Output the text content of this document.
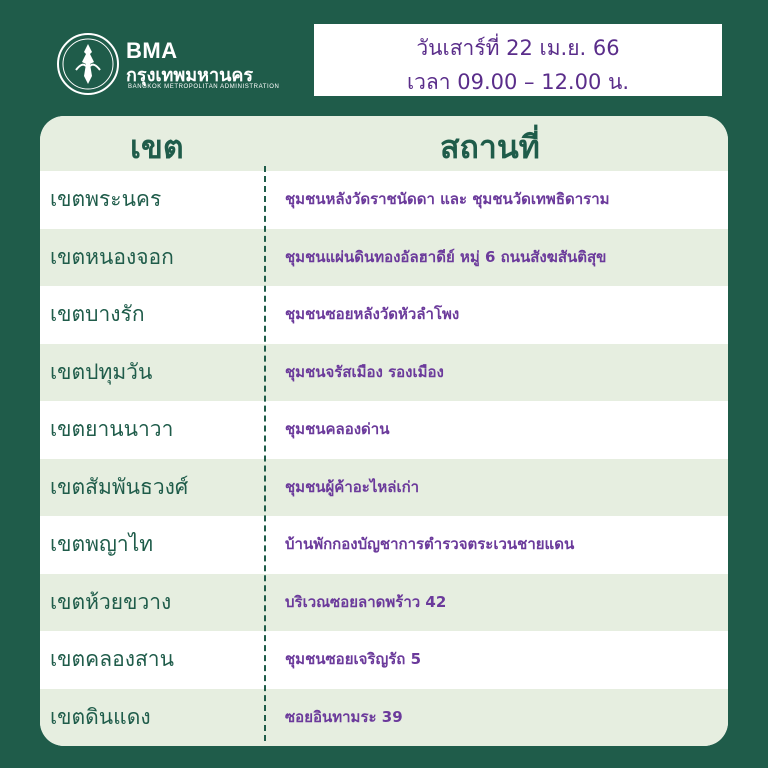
BMA
กรุงเทพมหานคร
BANGKOK METROPOLITAN ADMINISTRATION
วันเสาร์ที่ 22 เม.ย. 66
เวลา 09.00 – 12.00 น.
เขต	สถานที่
เขตพระนคร	ชุมชนหลังวัดราชนัดดา และ ชุมชนวัดเทพธิดาราม
เขตหนองจอก	ชุมชนแผ่นดินทองอัลฮาดีย์ หมู่ 6 ถนนสังฆสันติสุข
เขตบางรัก	ชุมชนซอยหลังวัดหัวลำโพง
เขตปทุมวัน	ชุมชนจรัสเมือง รองเมือง
เขตยานนาวา	ชุมชนคลองด่าน
เขตสัมพันธวงศ์	ชุมชนผู้ค้าอะไหล่เก่า
เขตพญาไท	บ้านพักกองบัญชาการตำรวจตระเวนชายแดน
เขตห้วยขวาง	บริเวณซอยลาดพร้าว 42
เขตคลองสาน	ชุมชนซอยเจริญรัถ 5
เขตดินแดง	ซอยอินทามระ 39
